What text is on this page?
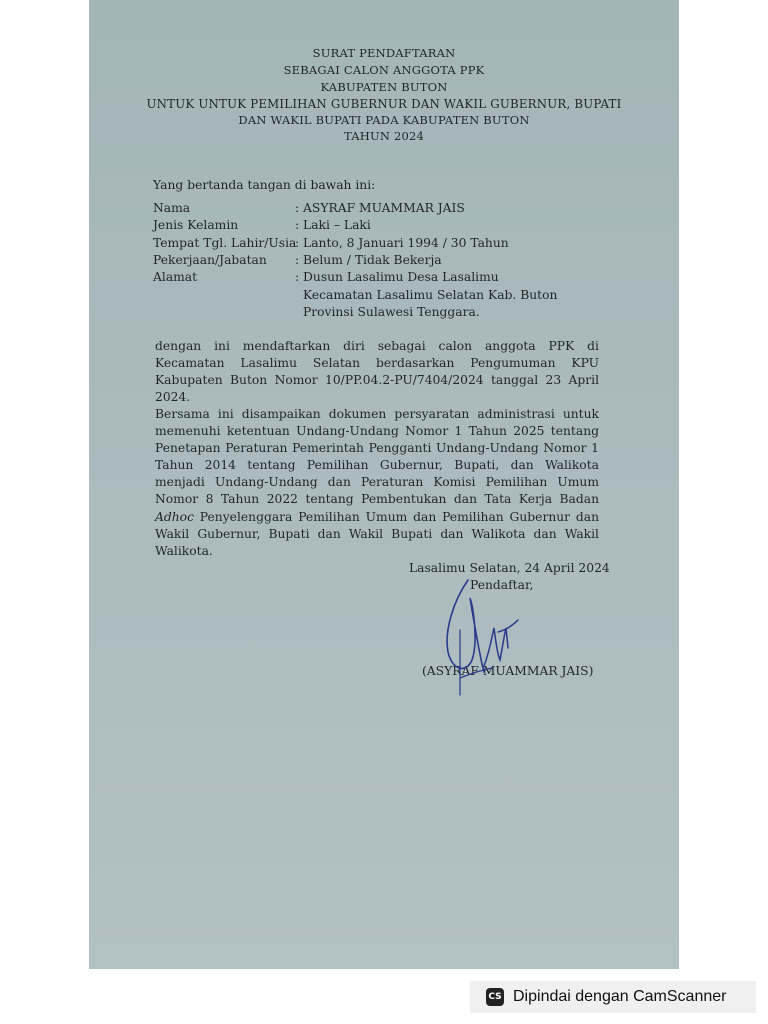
SURAT PENDAFTARAN
SEBAGAI CALON ANGGOTA PPK
KABUPATEN BUTON
UNTUK UNTUK PEMILIHAN GUBERNUR DAN WAKIL GUBERNUR, BUPATI
DAN WAKIL BUPATI PADA KABUPATEN BUTON
TAHUN 2024
Yang bertanda tangan di bawah ini:
Nama	: ASYRAF MUAMMAR JAIS
Jenis Kelamin	: Laki – Laki
Tempat Tgl. Lahir/Usia
: Lanto, 8 Januari 1994 / 30 Tahun
Pekerjaan/Jabatan : Belum / Tidak Bekerja
Alamat	: Dusun Lasalimu Desa Lasalimu
Kecamatan Lasalimu Selatan Kab. Buton
Provinsi Sulawesi Tenggara.
dengan ini mendaftarkan diri sebagai calon anggota PPK di Kecamatan Lasalimu Selatan berdasarkan Pengumuman KPU Kabupaten Buton Nomor 10/PP.04.2-PU/7404/2024 tanggal 23 April 2024.
Bersama ini disampaikan dokumen persyaratan administrasi untuk memenuhi ketentuan Undang-Undang Nomor 1 Tahun 2025 tentang Penetapan Peraturan Pemerintah Pengganti Undang-Undang Nomor 1 Tahun 2014 tentang Pemilihan Gubernur, Bupati, dan Walikota menjadi Undang-Undang dan Peraturan Komisi Pemilihan Umum Nomor 8 Tahun 2022 tentang Pembentukan dan Tata Kerja Badan Adhoc Penyelenggara Pemilihan Umum dan Pemilihan Gubernur dan Wakil Gubernur, Bupati dan Wakil Bupati dan Walikota dan Wakil Walikota.
Lasalimu Selatan, 24 April 2024
Pendaftar,
(ASYRAF MUAMMAR JAIS)
CS Dipindai dengan CamScanner
